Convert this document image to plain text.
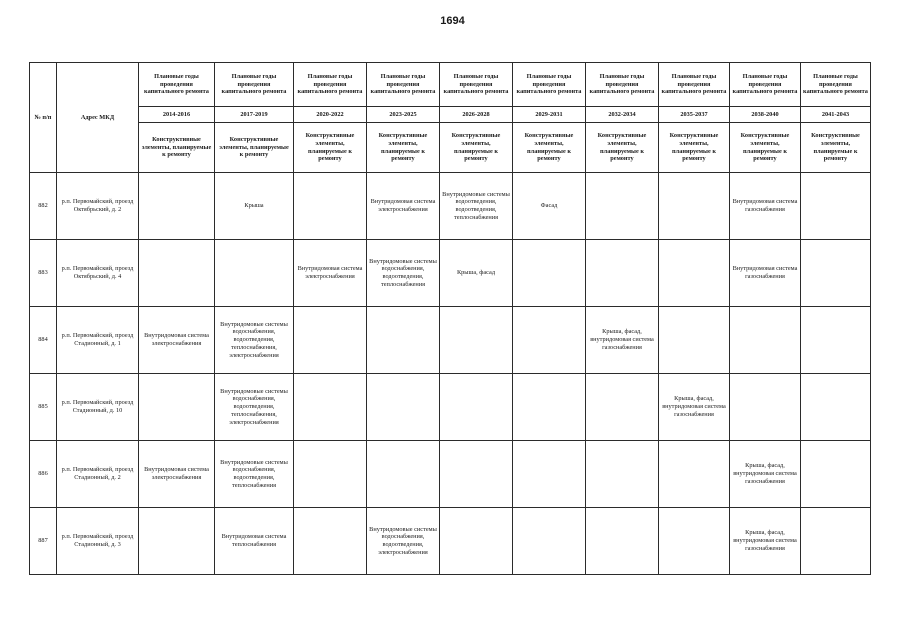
1694
№ п/п	Адрес МКД	Плановые годы проведения капитального ремонта	Плановые годы проведения капитального ремонта	Плановые годы проведения капитального ремонта	Плановые годы проведения капитального ремонта	Плановые годы проведения капитального ремонта	Плановые годы проведения капитального ремонта	Плановые годы проведения капитального ремонта	Плановые годы проведения капитального ремонта	Плановые годы проведения капитального ремонта	Плановые годы проведения капитального ремонта
		2014-2016	2017-2019	2020-2022	2023-2025	2026-2028	2029-2031	2032-2034	2035-2037	2038-2040	2041-2043
		Конструктивные элементы, планируемые к ремонту	Конструктивные элементы, планируемые к ремонту	Конструктивные элементы, планируемые к ремонту	Конструктивные элементы, планируемые к ремонту	Конструктивные элементы, планируемые к ремонту	Конструктивные элементы, планируемые к ремонту	Конструктивные элементы, планируемые к ремонту	Конструктивные элементы, планируемые к ремонту	Конструктивные элементы, планируемые к ремонту	Конструктивные элементы, планируемые к ремонту
882	р.п. Первомайский, проезд Октябрьский, д. 2		Крыша		Внутридомовая система электроснабжения	Внутридомовые системы водоотведения, водоотведения, теплоснабжения	Фасад			Внутридомовая система газоснабжения	
883	р.п. Первомайский, проезд Октябрьский, д. 4			Внутридомовая система электроснабжения	Внутридомовые системы водоснабжения, водоотведения, теплоснабжения	Крыша, фасад				Внутридомовая система газоснабжения	
884	р.п. Первомайский, проезд Стадионный, д. 1	Внутридомовая система электроснабжения	Внутридомовые системы водоснабжения, водоотведения, теплоснабжения, электроснабжения					Крыша, фасад, внутридомовая система газоснабжения			
885	р.п. Первомайский, проезд Стадионный, д. 10		Внутридомовые системы водоснабжения, водоотведения, теплоснабжения, электроснабжения						Крыша, фасад, внутридомовая система газоснабжения		
886	р.п. Первомайский, проезд Стадионный, д. 2	Внутридомовая система электроснабжения	Внутридомовые системы водоснабжения, водоотведения, теплоснабжения							Крыша, фасад, внутридомовая система газоснабжения	
887	р.п. Первомайский, проезд Стадионный, д. 3		Внутридомовая система теплоснабжения		Внутридомовые системы водоснабжения, водоотведения, электроснабжения					Крыша, фасад, внутридомовая система газоснабжения	
